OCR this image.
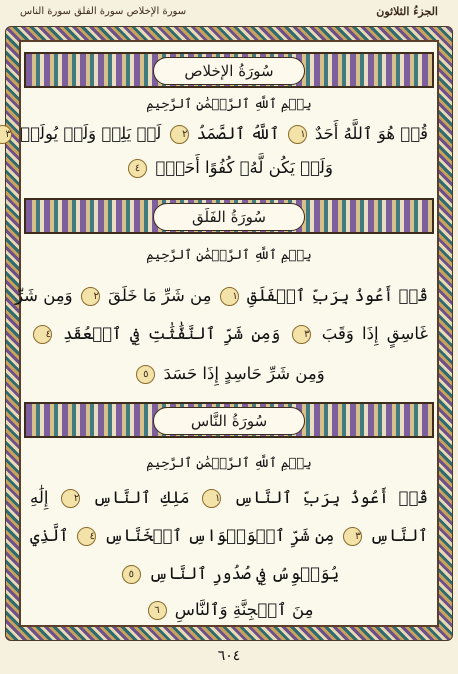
الجزءُ الثلاثون
سورة الإخلاص سورة الفلق سورة الناس
سُورَةُ الإخلاص
بِسۡمِ ٱللَّهِ ٱلرَّحۡمَٰنِ ٱلرَّحِيمِ
قُلۡ هُوَ ٱللَّهُ أَحَدٌ ١ ٱللَّهُ ٱلصَّمَدُ ٢ لَمۡ يَلِدۡ وَلَمۡ يُولَدۡ ٣
وَلَمۡ يَكُن لَّهُۥ كُفُوًا أَحَدُۢ ٤
سُورَةُ الفَلَق
بِسۡمِ ٱللَّهِ ٱلرَّحۡمَٰنِ ٱلرَّحِيمِ
قُلۡ أَعُوذُ بِرَبِّ ٱلۡفَلَقِ ١ مِن شَرِّ مَا خَلَقَ ٢ وَمِن شَرِّ
غَاسِقٍ إِذَا وَقَبَ ٣ وَمِن شَرِّ ٱلنَّفَّٰثَٰتِ فِي ٱلۡعُقَدِ ٤
وَمِن شَرِّ حَاسِدٍ إِذَا حَسَدَ ٥
سُورَةُ النَّاس
بِسۡمِ ٱللَّهِ ٱلرَّحۡمَٰنِ ٱلرَّحِيمِ
قُلۡ أَعُوذُ بِرَبِّ ٱلنَّاسِ ١ مَلِكِ ٱلنَّاسِ ٢ إِلَٰهِ
ٱلنَّاسِ ٣ مِن شَرِّ ٱلۡوَسۡوَاسِ ٱلۡخَنَّاسِ ٤ ٱلَّذِي
يُوَسۡوِسُ فِي صُدُورِ ٱلنَّاسِ ٥
مِنَ ٱلۡجِنَّةِ وَٱلنَّاسِ ٦
٦٠٤
